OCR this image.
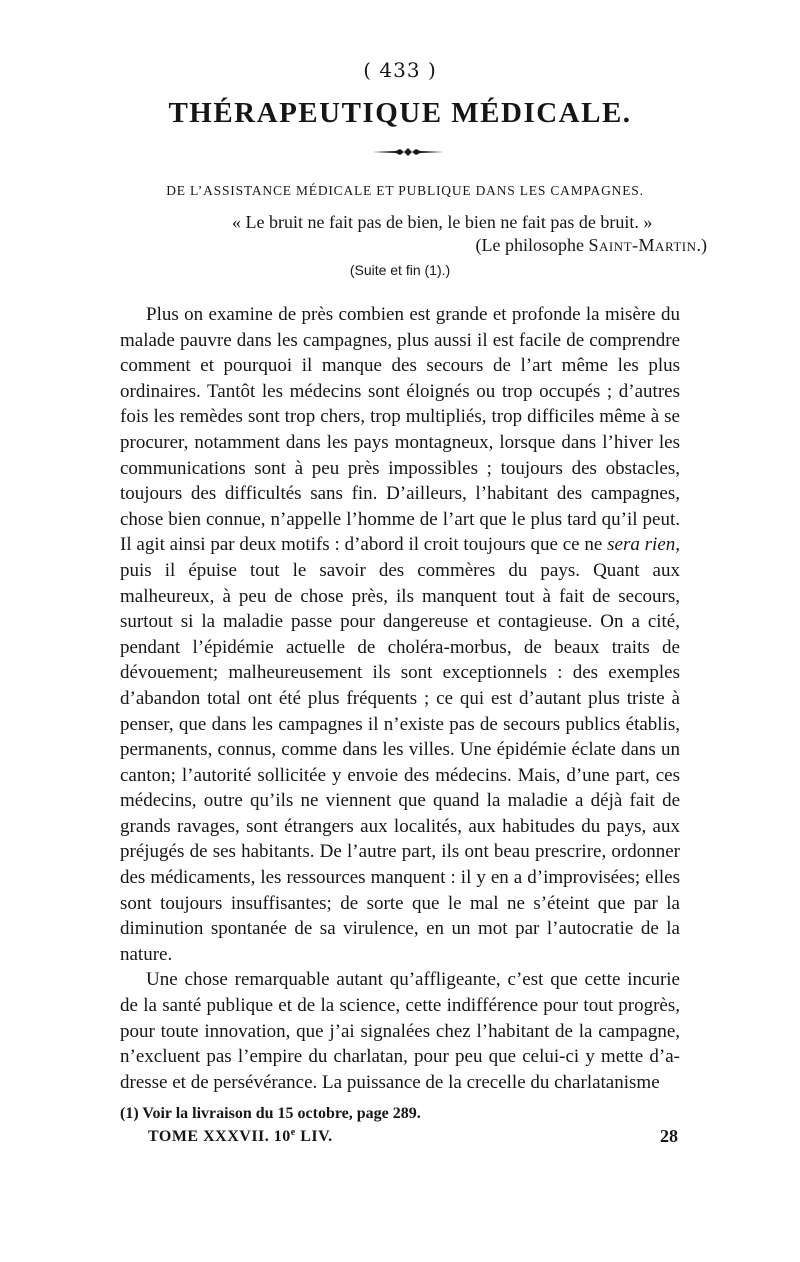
( 433 )
THÉRAPEUTIQUE MÉDICALE.
DE L’ASSISTANCE MÉDICALE ET PUBLIQUE DANS LES CAMPAGNES.
« Le bruit ne fait pas de bien, le bien ne fait pas de bruit. »
(Le philosophe Saint-Martin.)
(Suite et fin (1).)

Plus on examine de près combien est grande et profonde la misère du malade pauvre dans les campagnes, plus aussi il est facile de comprendre comment et pourquoi il manque des secours de l’art même les plus ordinaires. Tantôt les médecins sont éloignés ou trop occupés ; d’autres fois les remèdes sont trop chers, trop multipliés, trop difficiles même à se procurer, notamment dans les pays montagneux, lorsque dans l’hiver les communications sont à peu près impossibles ; toujours des obstacles, toujours des difficultés sans fin. D’ailleurs, l’habitant des campagnes, chose bien connue, n’appelle l’homme de l’art que le plus tard qu’il peut. Il agit ainsi par deux motifs : d’abord il croit toujours que ce ne sera rien, puis il épuise tout le savoir des commères du pays. Quant aux malheureux, à peu de chose près, ils manquent tout à fait de secours, surtout si la maladie passe pour dangereuse et contagieuse. On a cité, pendant l’épidémie actuelle de choléra-morbus, de beaux traits de dévouement; malheureusement ils sont exceptionnels : des exemples d’abandon total ont été plus fréquents ; ce qui est d’autant plus triste à penser, que dans les campagnes il n’existe pas de secours publics établis, permanents, connus, comme dans les villes. Une épidémie éclate dans un canton; l’autorité sollicitée y envoie des médecins. Mais, d’une part, ces médecins, outre qu’ils ne viennent que quand la maladie a déjà fait de grands ravages, sont étrangers aux localités, aux habitudes du pays, aux préjugés de ses habitants. De l’autre part, ils ont beau prescrire, ordonner des médicaments, les ressources manquent : il y en a d’improvisées; elles sont toujours insuffisantes; de sorte que le mal ne s’éteint que par la diminution spontanée de sa virulence, en un mot par l’autocratie de la nature.

Une chose remarquable autant qu’affligeante, c’est que cette incurie de la santé publique et de la science, cette indifférence pour tout progrès, pour toute innovation, que j’ai signalées chez l’habitant de la campagne, n’excluent pas l’empire du charlatan, pour peu que celui-ci y mette d’adresse et de persévérance. La puissance de la crecelle du charlatanisme

(1) Voir la livraison du 15 octobre, page 289.
TOME XXXVII. 10e LIV.	28
